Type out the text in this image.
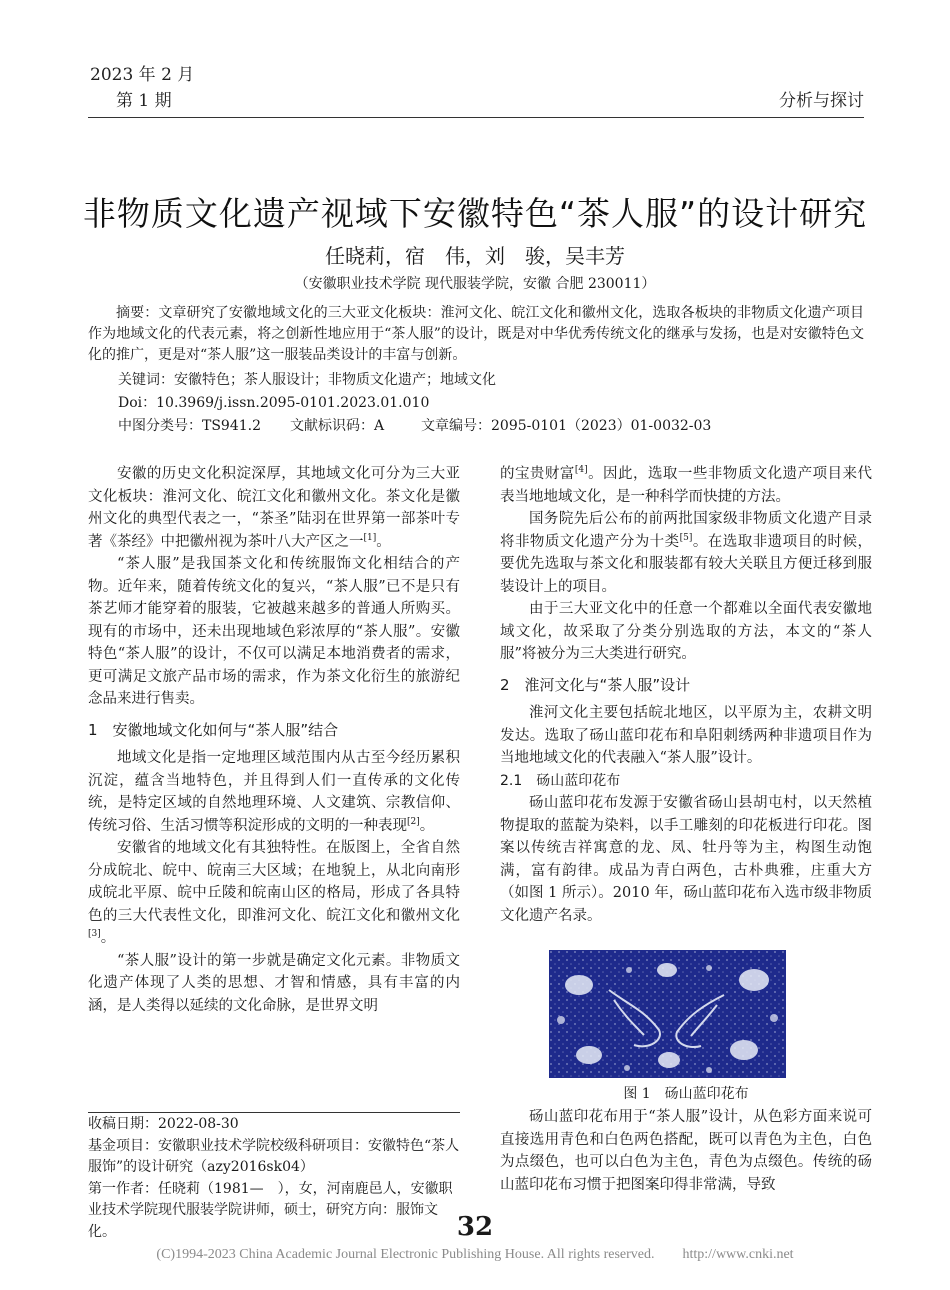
2023 年 2 月
第 1 期	分析与探讨
非物质文化遗产视域下安徽特色“茶人服”的设计研究
任晓莉，宿　伟，刘　骏，吴丰芳
（安徽职业技术学院 现代服装学院，安徽 合肥 230011）

摘要：文章研究了安徽地域文化的三大亚文化板块：淮河文化、皖江文化和徽州文化，选取各板块的非物质文化遗产项目作为地域文化的代表元素，将之创新性地应用于“茶人服”的设计，既是对中华优秀传统文化的继承与发扬，也是对安徽特色文化的推广，更是对“茶人服”这一服装品类设计的丰富与创新。

关键词：安徽特色；茶人服设计；非物质文化遗产；地域文化
Doi：10.3969/j.issn.2095-0101.2023.01.010
中图分类号：TS941.2 文献标识码：A	文章编号：2095-0101（2023）01-0032-03

安徽的历史文化积淀深厚，其地域文化可分为三大亚文化板块：淮河文化、皖江文化和徽州文化。茶文化是徽州文化的典型代表之一，“茶圣”陆羽在世界第一部茶叶专著《茶经》中把徽州视为茶叶八大产区之一[1]。

“茶人服”是我国茶文化和传统服饰文化相结合的产物。近年来，随着传统文化的复兴，“茶人服”已不是只有茶艺师才能穿着的服装，它被越来越多的普通人所购买。现有的市场中，还未出现地域色彩浓厚的“茶人服”。安徽特色“茶人服”的设计，不仅可以满足本地消费者的需求，更可满足文旅产品市场的需求，作为茶文化衍生的旅游纪念品来进行售卖。

1　安徽地域文化如何与“茶人服”结合

地域文化是指一定地理区域范围内从古至今经历累积沉淀，蕴含当地特色，并且得到人们一直传承的文化传统，是特定区域的自然地理环境、人文建筑、宗教信仰、传统习俗、生活习惯等积淀形成的文明的一种表现[2]。

安徽省的地域文化有其独特性。在版图上，全省自然分成皖北、皖中、皖南三大区域；在地貌上，从北向南形成皖北平原、皖中丘陵和皖南山区的格局，形成了各具特色的三大代表性文化，即淮河文化、皖江文化和徽州文化[3]。

“茶人服”设计的第一步就是确定文化元素。非物质文化遗产体现了人类的思想、才智和情感，具有丰富的内涵，是人类得以延续的文化命脉，是世界文明

收稿日期：2022-08-30

基金项目：安徽职业技术学院校级科研项目：安徽特色“茶人服饰”的设计研究（azy2016sk04）

第一作者：任晓莉（1981—　），女，河南鹿邑人，安徽职业技术学院现代服装学院讲师，硕士，研究方向：服饰文化。

的宝贵财富[4]。因此，选取一些非物质文化遗产项目来代表当地地域文化，是一种科学而快捷的方法。

国务院先后公布的前两批国家级非物质文化遗产目录将非物质文化遗产分为十类[5]。在选取非遗项目的时候，要优先选取与茶文化和服装都有较大关联且方便迁移到服装设计上的项目。

由于三大亚文化中的任意一个都难以全面代表安徽地域文化，故采取了分类分别选取的方法，本文的“茶人服”将被分为三大类进行研究。

2　淮河文化与“茶人服”设计

淮河文化主要包括皖北地区，以平原为主，农耕文明发达。选取了砀山蓝印花布和阜阳刺绣两种非遗项目作为当地地域文化的代表融入“茶人服”设计。

2.1　砀山蓝印花布

砀山蓝印花布发源于安徽省砀山县胡屯村，以天然植物提取的蓝靛为染料，以手工雕刻的印花板进行印花。图案以传统吉祥寓意的龙、凤、牡丹等为主，构图生动饱满，富有韵律。成品为青白两色，古朴典雅，庄重大方（如图 1 所示）。2010 年，砀山蓝印花布入选市级非物质文化遗产名录。

图 1　砀山蓝印花布

砀山蓝印花布用于“茶人服”设计，从色彩方面来说可直接选用青色和白色两色搭配，既可以青色为主色，白色为点缀色，也可以白色为主色，青色为点缀色。传统的砀山蓝印花布习惯于把图案印得非常满，导致

32
(C)1994-2023 China Academic Journal Electronic Publishing House. All rights reserved.　　http://www.cnki.net
